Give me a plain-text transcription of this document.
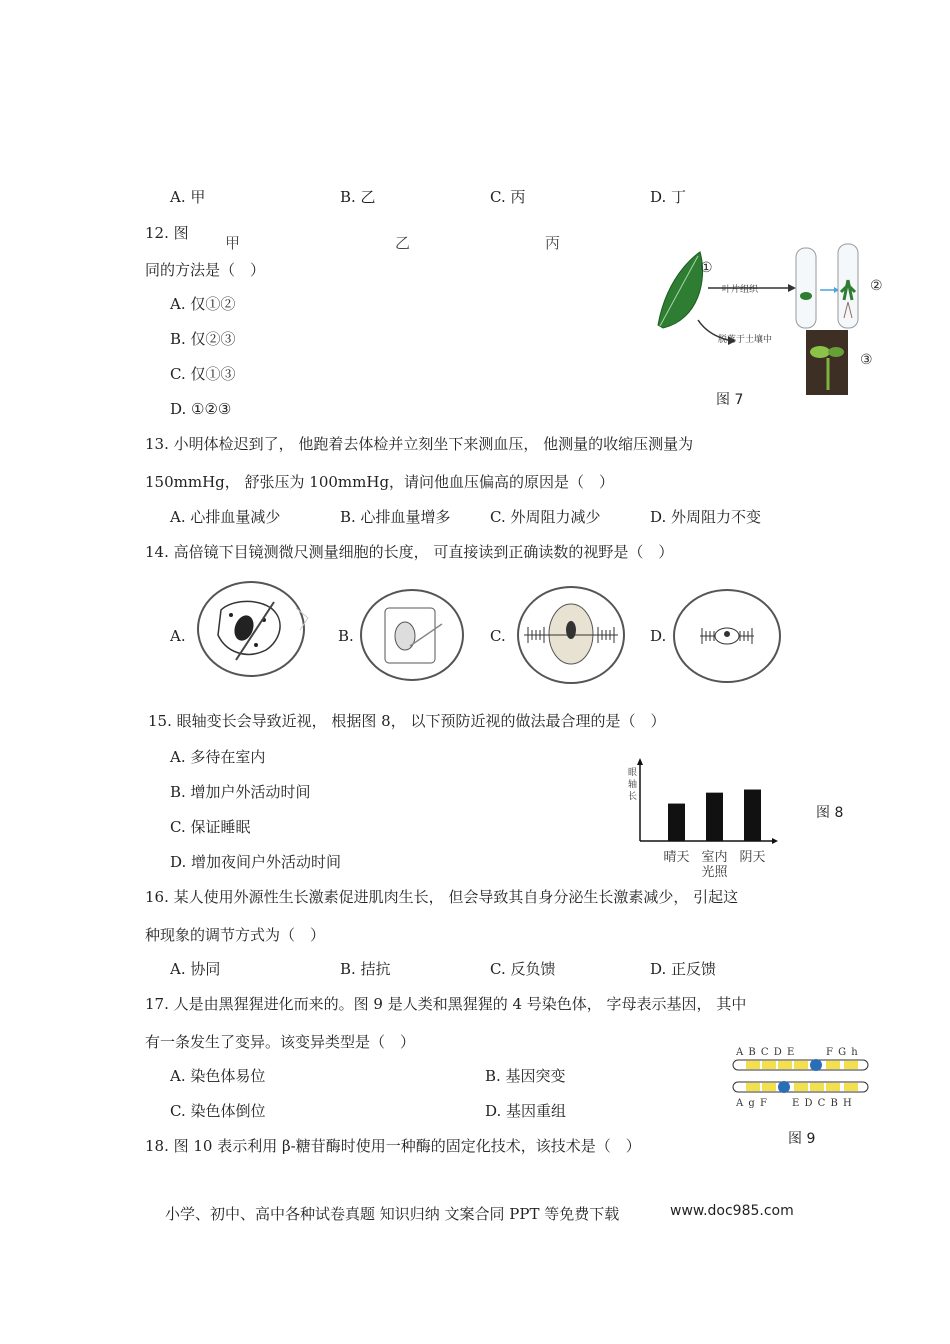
A. 甲	B. 乙	C. 丙	D. 丁
12. 图
甲	乙	丙
同的方法是（　）
A. 仅①②
B. 仅②③
C. 仅①③
D. ①②③
①
叶片组织	②
脱落于土壤中
③
图 7
13. 小明体检迟到了， 他跑着去体检并立刻坐下来测血压， 他测量的收缩压测量为
150mmHg， 舒张压为 100mmHg，请问他血压偏高的原因是（　）
A. 心排血量减少	B. 心排血量增多	C. 外周阻力减少	D. 外周阻力不变
14. 高倍镜下目镜测微尺测量细胞的长度， 可直接读到正确读数的视野是（　）
A.	B.	C.	D.
15. 眼轴变长会导致近视， 根据图 8， 以下预防近视的做法最合理的是（　）
A. 多待在室内
B. 增加户外活动时间
C. 保证睡眠
D. 增加夜间户外活动时间
眼
轴
长
晴天 室内
光照
阴天
图 8
16. 某人使用外源性生长激素促进肌肉生长， 但会导致其自身分泌生长激素减少， 引起这
种现象的调节方式为（　）
A. 协同	B. 拮抗	C. 反负馈	D. 正反馈
17. 人是由黑猩猩进化而来的。图 9 是人类和黑猩猩的 4 号染色体， 字母表示基因， 其中
有一条发生了变异。该变异类型是（　）
A. 染色体易位	B. 基因突变
C. 染色体倒位	D. 基因重组
A B C D E	F G h
A g F E D C B H
图 9
18. 图 10 表示利用 β-糖苷酶时使用一种酶的固定化技术，该技术是（　）
小学、初中、高中各种试卷真题 知识归纳 文案合同 PPT 等免费下载	www.doc985.com
